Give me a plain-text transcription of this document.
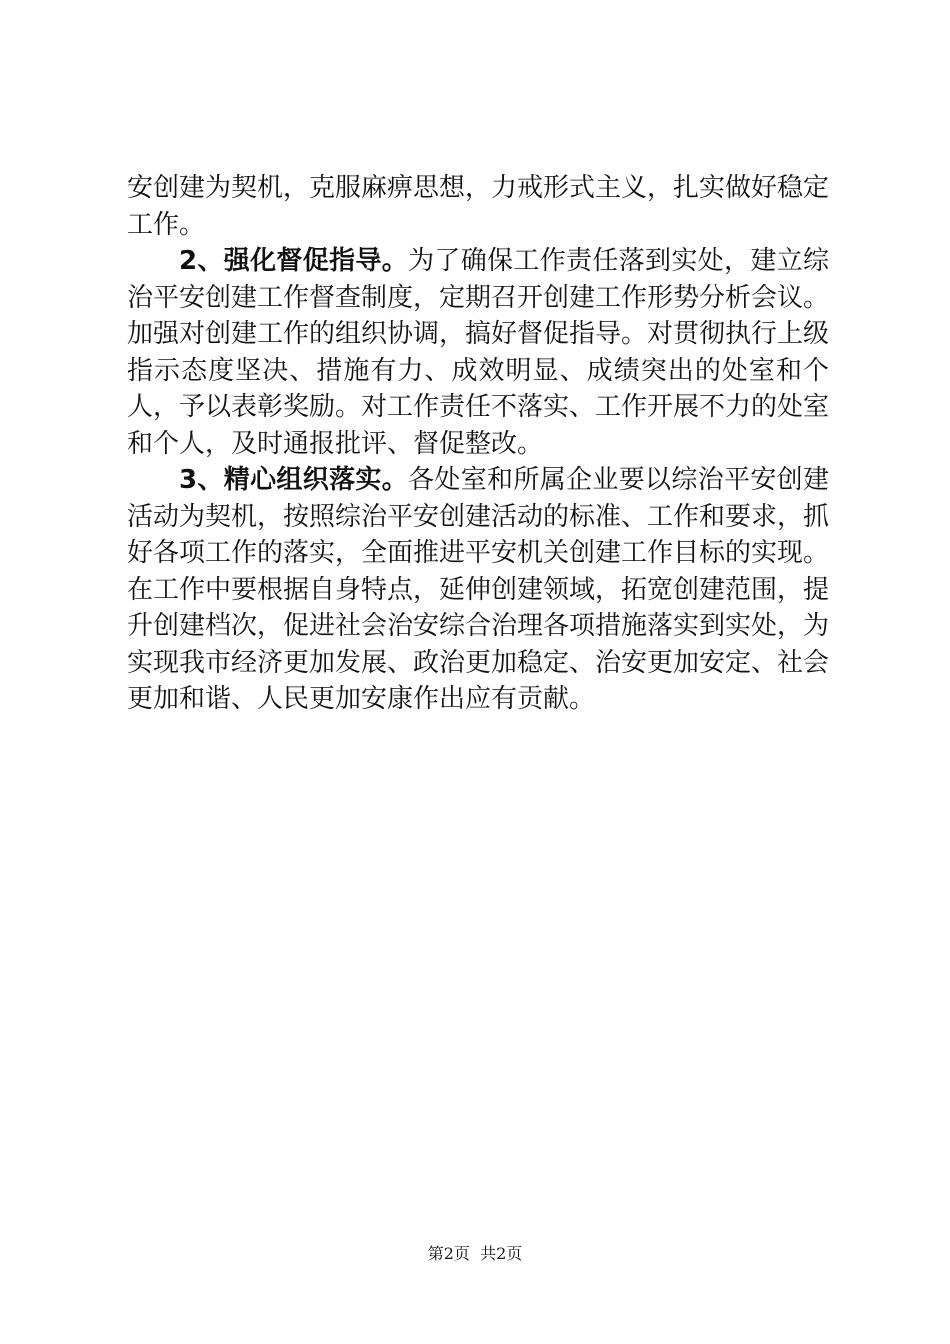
安创建为契机，克服麻痹思想，力戒形式主义，扎实做好稳定工作。

2、强化督促指导。为了确保工作责任落到实处，建立综治平安创建工作督查制度，定期召开创建工作形势分析会议。加强对创建工作的组织协调，搞好督促指导。对贯彻执行上级指示态度坚决、措施有力、成效明显、成绩突出的处室和个人，予以表彰奖励。对工作责任不落实、工作开展不力的处室和个人，及时通报批评、督促整改。

3、精心组织落实。各处室和所属企业要以综治平安创建活动为契机，按照综治平安创建活动的标准、工作和要求，抓好各项工作的落实，全面推进平安机关创建工作目标的实现。在工作中要根据自身特点，延伸创建领域，拓宽创建范围，提升创建档次，促进社会治安综合治理各项措施落实到实处，为实现我市经济更加发展、政治更加稳定、治安更加安定、社会更加和谐、人民更加安康作出应有贡献。

第2页 共2页
